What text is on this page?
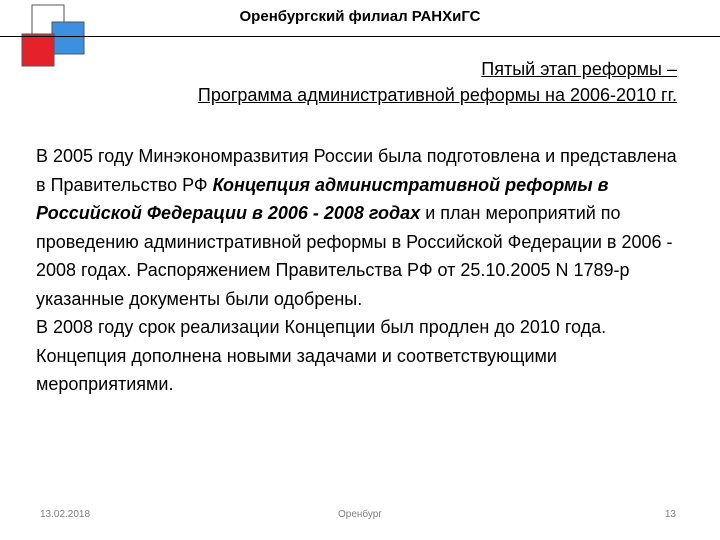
Оренбургский филиал РАНХиГС
Пятый этап реформы –
Программа административной реформы на 2006-2010 гг.
В 2005 году Минэкономразвития России была подготовлена и представлена в Правительство РФ Концепция административной реформы в Российской Федерации в 2006 - 2008 годах и план мероприятий по проведению административной реформы в Российской Федерации в 2006 - 2008 годах. Распоряжением Правительства РФ от 25.10.2005 N 1789-р указанные документы были одобрены.
В 2008 году срок реализации Концепции был продлен до 2010 года. Концепция дополнена новыми задачами и соответствующими мероприятиями.
13.02.2018	Оренбург	13
